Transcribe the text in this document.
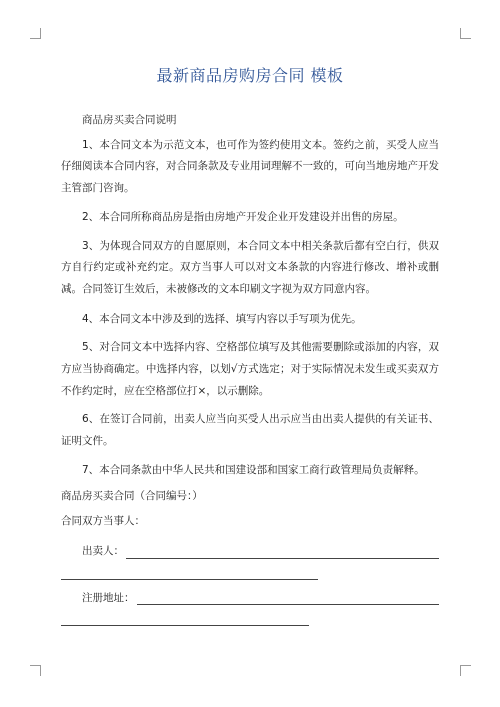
最新商品房购房合同 模板

商品房买卖合同说明

1、本合同文本为示范文本，也可作为签约使用文本。签约之前，买受人应当仔细阅读本合同内容，对合同条款及专业用词理解不一致的，可向当地房地产开发主管部门咨询。

2、本合同所称商品房是指由房地产开发企业开发建设并出售的房屋。

3、为体现合同双方的自愿原则，本合同文本中相关条款后都有空白行，供双方自行约定或补充约定。双方当事人可以对文本条款的内容进行修改、增补或删减。合同签订生效后，未被修改的文本印刷文字视为双方同意内容。

4、本合同文本中涉及到的选择、填写内容以手写项为优先。

5、对合同文本中选择内容、空格部位填写及其他需要删除或添加的内容，双方应当协商确定。中选择内容，以划√方式选定；对于实际情况未发生或买卖双方不作约定时，应在空格部位打×，以示删除。

6、在签订合同前，出卖人应当向买受人出示应当由出卖人提供的有关证书、证明文件。

7、本合同条款由中华人民共和国建设部和国家工商行政管理局负责解释。

商品房买卖合同（合同编号：）

合同双方当事人：

出卖人：
注册地址：
